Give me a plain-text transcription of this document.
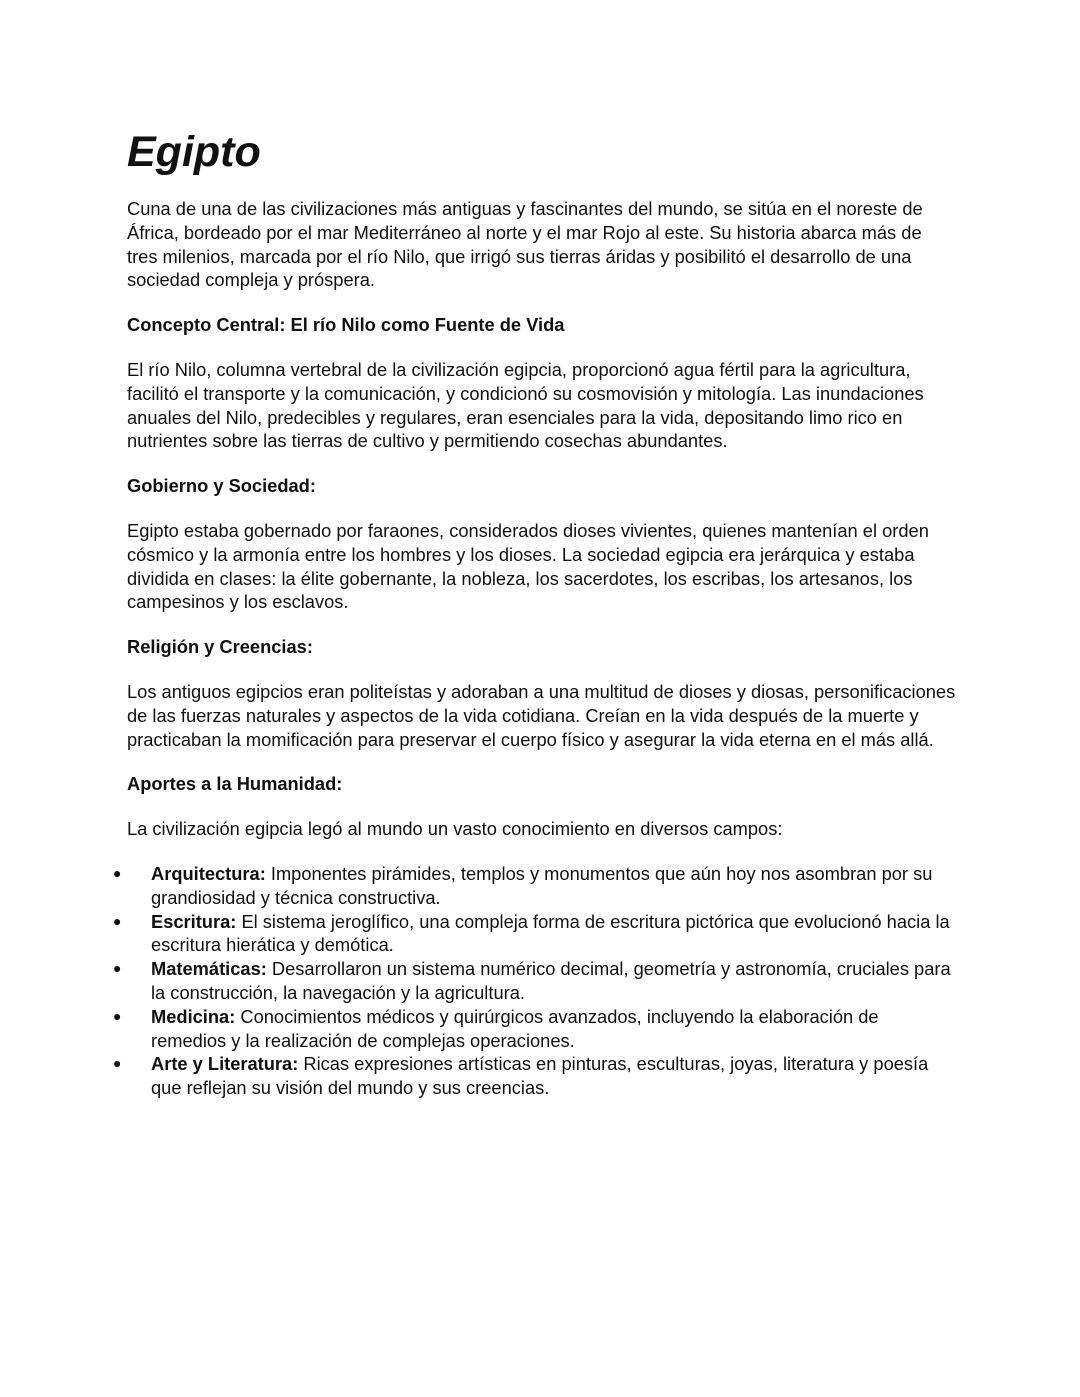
Egipto

Cuna de una de las civilizaciones más antiguas y fascinantes del mundo, se sitúa en el noreste de África, bordeado por el mar Mediterráneo al norte y el mar Rojo al este. Su historia abarca más de tres milenios, marcada por el río Nilo, que irrigó sus tierras áridas y posibilitó el desarrollo de una sociedad compleja y próspera.

Concepto Central: El río Nilo como Fuente de Vida

El río Nilo, columna vertebral de la civilización egipcia, proporcionó agua fértil para la agricultura, facilitó el transporte y la comunicación, y condicionó su cosmovisión y mitología. Las inundaciones anuales del Nilo, predecibles y regulares, eran esenciales para la vida, depositando limo rico en nutrientes sobre las tierras de cultivo y permitiendo cosechas abundantes.

Gobierno y Sociedad:

Egipto estaba gobernado por faraones, considerados dioses vivientes, quienes mantenían el orden cósmico y la armonía entre los hombres y los dioses. La sociedad egipcia era jerárquica y estaba dividida en clases: la élite gobernante, la nobleza, los sacerdotes, los escribas, los artesanos, los campesinos y los esclavos.

Religión y Creencias:

Los antiguos egipcios eran politeístas y adoraban a una multitud de dioses y diosas, personificaciones de las fuerzas naturales y aspectos de la vida cotidiana. Creían en la vida después de la muerte y practicaban la momificación para preservar el cuerpo físico y asegurar la vida eterna en el más allá.

Aportes a la Humanidad:

La civilización egipcia legó al mundo un vasto conocimiento en diversos campos:

●	Arquitectura: Imponentes pirámides, templos y monumentos que aún hoy nos asombran por su grandiosidad y técnica constructiva.
●	Escritura: El sistema jeroglífico, una compleja forma de escritura pictórica que evolucionó hacia la escritura hierática y demótica.
●	Matemáticas: Desarrollaron un sistema numérico decimal, geometría y astronomía, cruciales para la construcción, la navegación y la agricultura.
●	Medicina: Conocimientos médicos y quirúrgicos avanzados, incluyendo la elaboración de remedios y la realización de complejas operaciones.
●	Arte y Literatura: Ricas expresiones artísticas en pinturas, esculturas, joyas, literatura y poesía que reflejan su visión del mundo y sus creencias.
